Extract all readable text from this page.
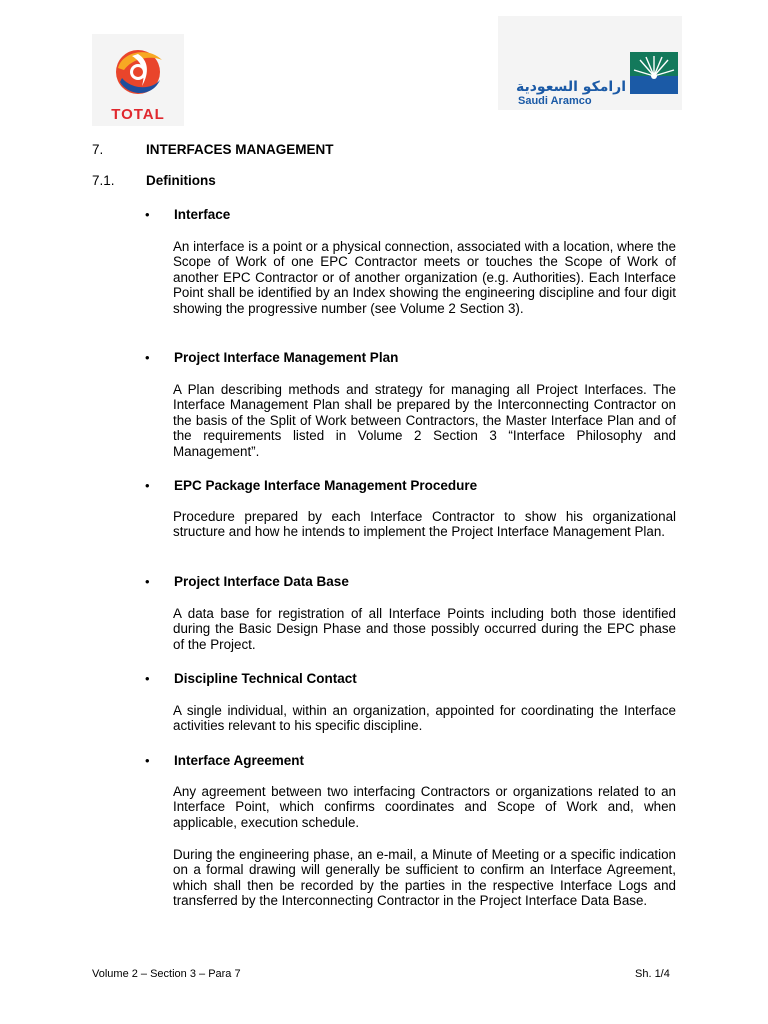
TOTAL
ارامكو السعودية
Saudi Aramco
7.	INTERFACES MANAGEMENT
7.1. Definitions
• Interface

An interface is a point or a physical connection, associated with a location, where the Scope of Work of one EPC Contractor meets or touches the Scope of Work of another EPC Contractor or of another organization (e.g. Authorities). Each Interface Point shall be identified by an Index showing the engineering discipline and four digit showing the progressive number (see Volume 2 Section 3).

• Project Interface Management Plan

A Plan describing methods and strategy for managing all Project Interfaces. The Interface Management Plan shall be prepared by the Interconnecting Contractor on the basis of the Split of Work between Contractors, the Master Interface Plan and of the requirements listed in Volume 2 Section 3 “Interface Philosophy and Management”.

• EPC Package Interface Management Procedure

Procedure prepared by each Interface Contractor to show his organizational structure and how he intends to implement the Project Interface Management Plan.

• Project Interface Data Base

A data base for registration of all Interface Points including both those identified during the Basic Design Phase and those possibly occurred during the EPC phase of the Project.

• Discipline Technical Contact

A single individual, within an organization, appointed for coordinating the Interface activities relevant to his specific discipline.

• Interface Agreement

Any agreement between two interfacing Contractors or organizations related to an Interface Point, which confirms coordinates and Scope of Work and, when applicable, execution schedule.

During the engineering phase, an e-mail, a Minute of Meeting or a specific indication on a formal drawing will generally be sufficient to confirm an Interface Agreement, which shall then be recorded by the parties in the respective Interface Logs and transferred by the Interconnecting Contractor in the Project Interface Data Base.

Volume 2 – Section 3 – Para 7	Sh. 1/4
